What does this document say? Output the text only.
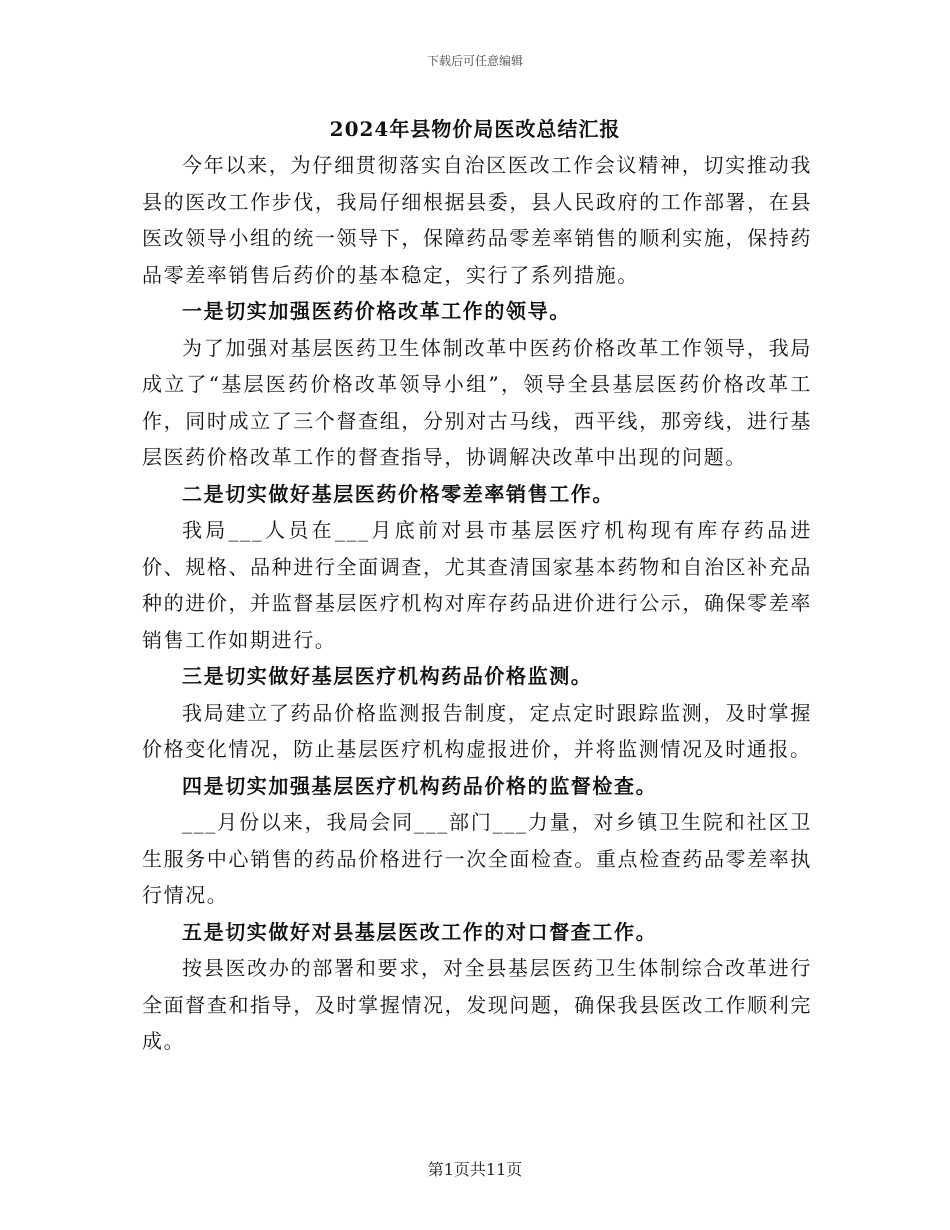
下载后可任意编辑
2024年县物价局医改总结汇报

今年以来，为仔细贯彻落实自治区医改工作会议精神，切实推动我县的医改工作步伐，我局仔细根据县委，县人民政府的工作部署，在县医改领导小组的统一领导下，保障药品零差率销售的顺利实施，保持药品零差率销售后药价的基本稳定，实行了系列措施。

一是切实加强医药价格改革工作的领导。

为了加强对基层医药卫生体制改革中医药价格改革工作领导，我局成立了“基层医药价格改革领导小组”，领导全县基层医药价格改革工作，同时成立了三个督查组，分别对古马线，西平线，那旁线，进行基层医药价格改革工作的督查指导，协调解决改革中出现的问题。

二是切实做好基层医药价格零差率销售工作。

我局___人员在___月底前对县市基层医疗机构现有库存药品进价、规格、品种进行全面调查，尤其查清国家基本药物和自治区补充品种的进价，并监督基层医疗机构对库存药品进价进行公示，确保零差率销售工作如期进行。

三是切实做好基层医疗机构药品价格监测。

我局建立了药品价格监测报告制度，定点定时跟踪监测，及时掌握价格变化情况，防止基层医疗机构虚报进价，并将监测情况及时通报。

四是切实加强基层医疗机构药品价格的监督检查。

___月份以来，我局会同___部门___力量，对乡镇卫生院和社区卫生服务中心销售的药品价格进行一次全面检查。重点检查药品零差率执行情况。

五是切实做好对县基层医改工作的对口督查工作。

按县医改办的部署和要求，对全县基层医药卫生体制综合改革进行全面督查和指导，及时掌握情况，发现问题，确保我县医改工作顺利完成。

第1页共11页
